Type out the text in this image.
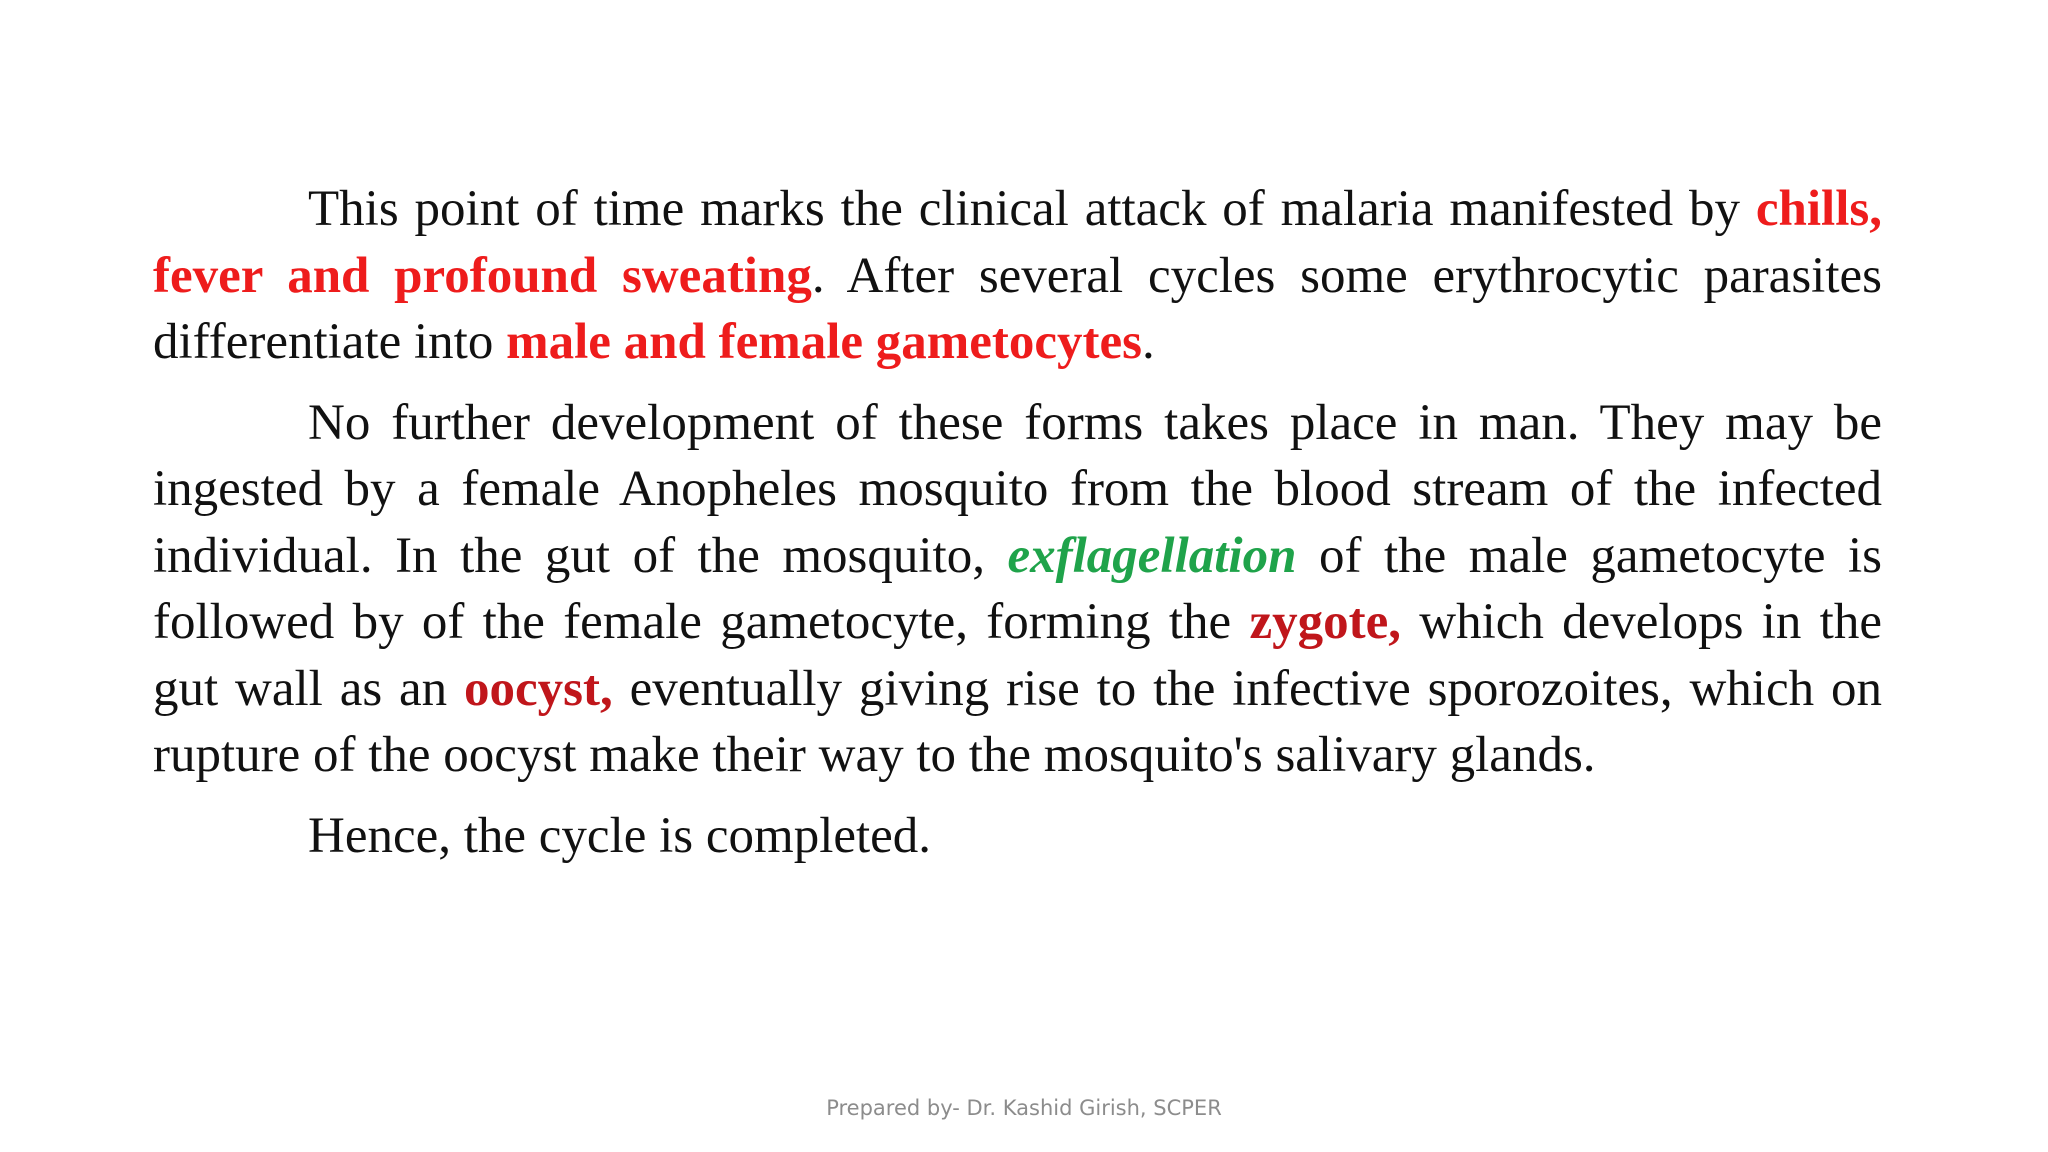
This point of time marks the clinical attack of malaria manifested by chills, fever and profound sweating. After several cycles some erythrocytic parasites differentiate into male and female gametocytes.

No further development of these forms takes place in man. They may be ingested by a female Anopheles mosquito from the blood stream of the infected individual. In the gut of the mosquito, exflagellation of the male gametocyte is followed by of the female gametocyte, forming the zygote, which develops in the gut wall as an oocyst, eventually giving rise to the infective sporozoites, which on rupture of the oocyst make their way to the mosquito's salivary glands.

Hence, the cycle is completed.

Prepared by- Dr. Kashid Girish, SCPER
